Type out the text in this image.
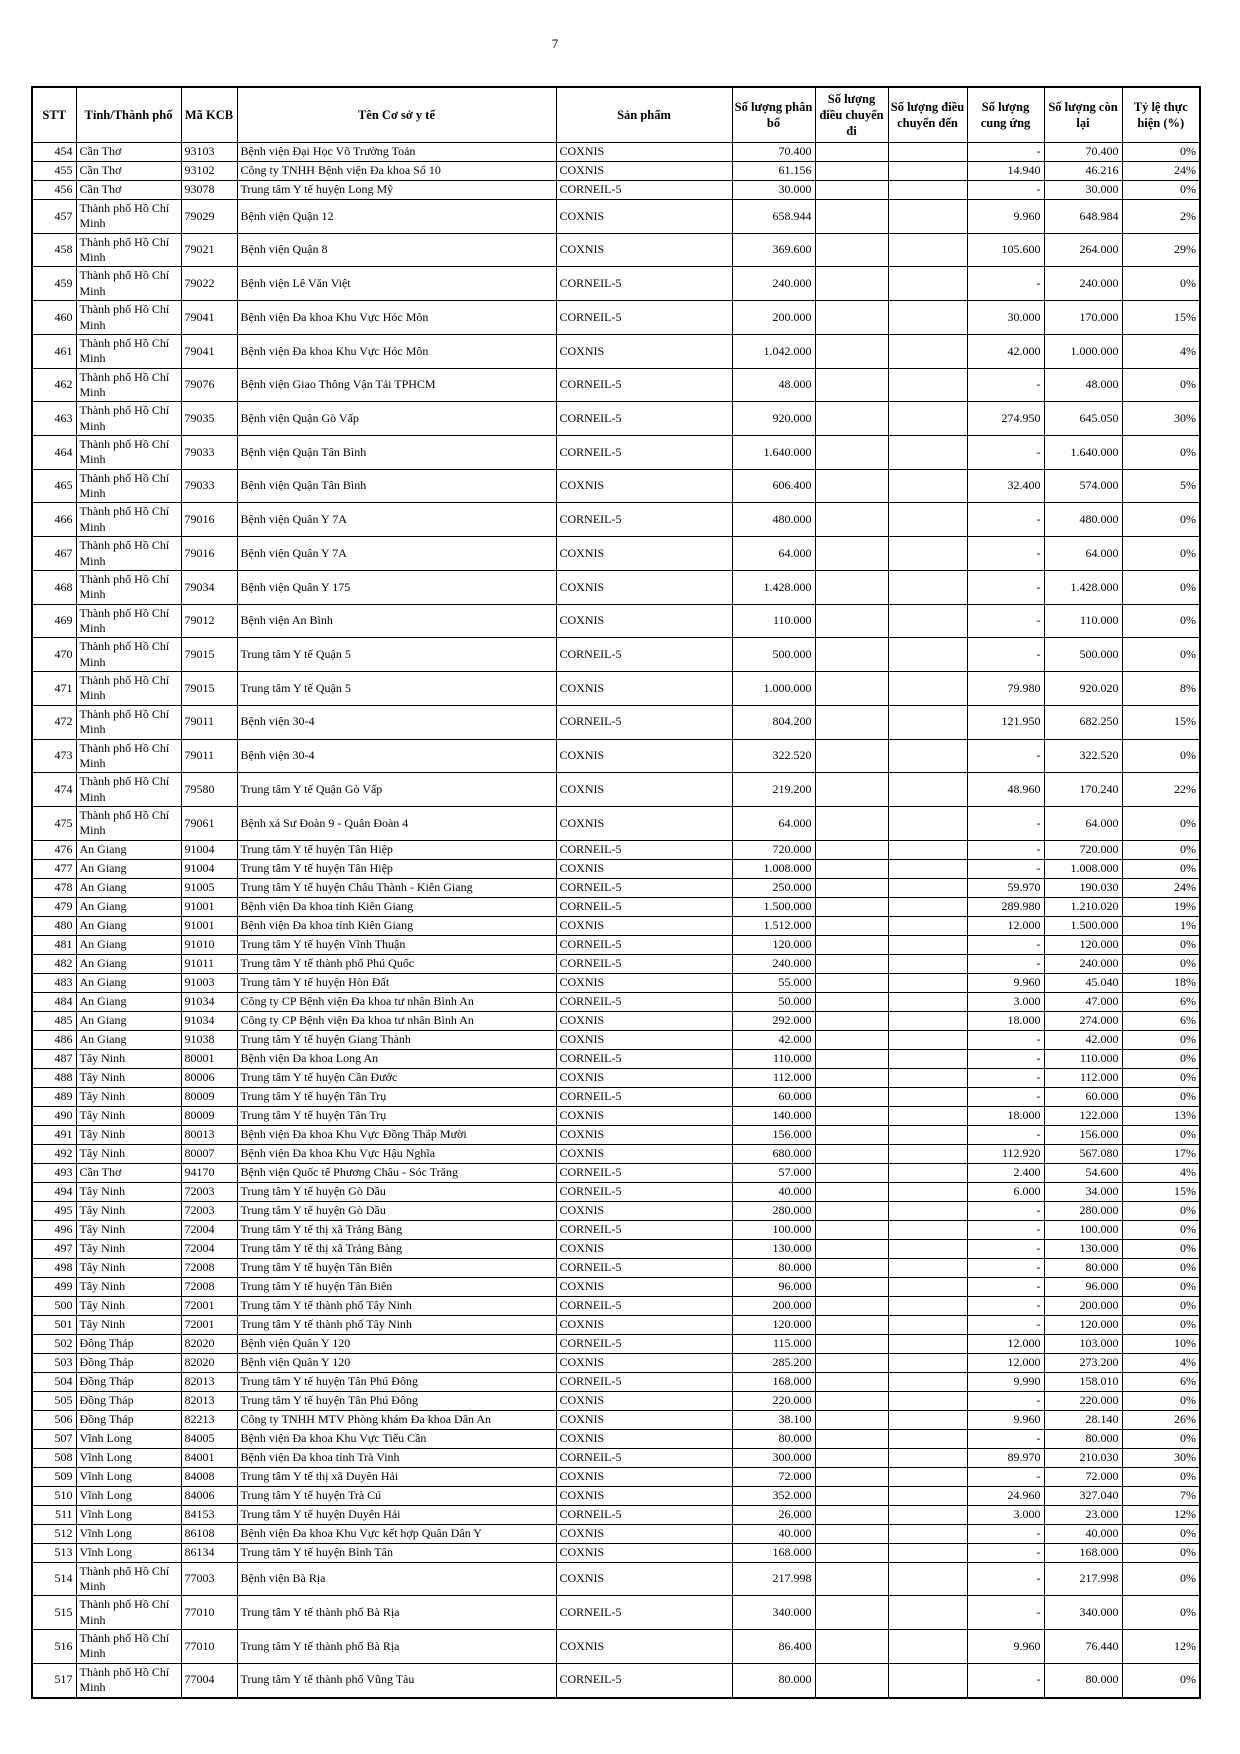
7
STT	Tỉnh/Thành phố	Mã KCB	Tên Cơ sở y tế	Sản phẩm	Số lượng phân bổ	Số lượng điều chuyển đi	Số lượng điều chuyển đến	Số lượng cung ứng	Số lượng còn lại	Tỷ lệ thực hiện (%)
454	Cần Thơ	93103	Bệnh viện Đại Học Võ Trường Toản	COXNIS	70.400			-	70.400	0%
455	Cần Thơ	93102	Công ty TNHH Bệnh viện Đa khoa Số 10	COXNIS	61.156			14.940	46.216	24%
456	Cần Thơ	93078	Trung tâm Y tế huyện Long Mỹ	CORNEIL-5	30.000			-	30.000	0%
457	Thành phố Hồ Chí Minh	79029	Bệnh viện Quận 12	COXNIS	658.944			9.960	648.984	2%
458	Thành phố Hồ Chí Minh	79021	Bệnh viện Quận 8	COXNIS	369.600			105.600	264.000	29%
459	Thành phố Hồ Chí Minh	79022	Bệnh viện Lê Văn Việt	CORNEIL-5	240.000			-	240.000	0%
460	Thành phố Hồ Chí Minh	79041	Bệnh viện Đa khoa Khu Vực Hóc Môn	CORNEIL-5	200.000			30.000	170.000	15%
461	Thành phố Hồ Chí Minh	79041	Bệnh viện Đa khoa Khu Vực Hóc Môn	COXNIS	1.042.000			42.000	1.000.000	4%
462	Thành phố Hồ Chí Minh	79076	Bệnh viện Giao Thông Vận Tải TPHCM	CORNEIL-5	48.000			-	48.000	0%
463	Thành phố Hồ Chí Minh	79035	Bệnh viện Quận Gò Vấp	CORNEIL-5	920.000			274.950	645.050	30%
464	Thành phố Hồ Chí Minh	79033	Bệnh viện Quận Tân Bình	CORNEIL-5	1.640.000			-	1.640.000	0%
465	Thành phố Hồ Chí Minh	79033	Bệnh viện Quận Tân Bình	COXNIS	606.400			32.400	574.000	5%
466	Thành phố Hồ Chí Minh	79016	Bệnh viện Quân Y 7A	CORNEIL-5	480.000			-	480.000	0%
467	Thành phố Hồ Chí Minh	79016	Bệnh viện Quân Y 7A	COXNIS	64.000			-	64.000	0%
468	Thành phố Hồ Chí Minh	79034	Bệnh viện Quân Y 175	COXNIS	1.428.000			-	1.428.000	0%
469	Thành phố Hồ Chí Minh	79012	Bệnh viện An Bình	COXNIS	110.000			-	110.000	0%
470	Thành phố Hồ Chí Minh	79015	Trung tâm Y tế Quận 5	CORNEIL-5	500.000			-	500.000	0%
471	Thành phố Hồ Chí Minh	79015	Trung tâm Y tế Quận 5	COXNIS	1.000.000			79.980	920.020	8%
472	Thành phố Hồ Chí Minh	79011	Bệnh viện 30-4	CORNEIL-5	804.200			121.950	682.250	15%
473	Thành phố Hồ Chí Minh	79011	Bệnh viện 30-4	COXNIS	322.520			-	322.520	0%
474	Thành phố Hồ Chí Minh	79580	Trung tâm Y tế Quận Gò Vấp	COXNIS	219.200			48.960	170.240	22%
475	Thành phố Hồ Chí Minh	79061	Bệnh xá Sư Đoàn 9 - Quân Đoàn 4	COXNIS	64.000			-	64.000	0%
476	An Giang	91004	Trung tâm Y tế huyện Tân Hiệp	CORNEIL-5	720.000			-	720.000	0%
477	An Giang	91004	Trung tâm Y tế huyện Tân Hiệp	COXNIS	1.008.000			-	1.008.000	0%
478	An Giang	91005	Trung tâm Y tế huyện Châu Thành - Kiên Giang	CORNEIL-5	250.000			59.970	190.030	24%
479	An Giang	91001	Bệnh viện Đa khoa tỉnh Kiên Giang	CORNEIL-5	1.500.000			289.980	1.210.020	19%
480	An Giang	91001	Bệnh viện Đa khoa tỉnh Kiên Giang	COXNIS	1.512.000			12.000	1.500.000	1%
481	An Giang	91010	Trung tâm Y tế huyện Vĩnh Thuận	CORNEIL-5	120.000			-	120.000	0%
482	An Giang	91011	Trung tâm Y tế thành phố Phú Quốc	CORNEIL-5	240.000			-	240.000	0%
483	An Giang	91003	Trung tâm Y tế huyện Hòn Đất	COXNIS	55.000			9.960	45.040	18%
484	An Giang	91034	Công ty CP Bệnh viện Đa khoa tư nhân Bình An	CORNEIL-5	50.000			3.000	47.000	6%
485	An Giang	91034	Công ty CP Bệnh viện Đa khoa tư nhân Bình An	COXNIS	292.000			18.000	274.000	6%
486	An Giang	91038	Trung tâm Y tế huyện Giang Thành	COXNIS	42.000			-	42.000	0%
487	Tây Ninh	80001	Bệnh viện Đa khoa Long An	CORNEIL-5	110.000			-	110.000	0%
488	Tây Ninh	80006	Trung tâm Y tế huyện Cần Đước	COXNIS	112.000			-	112.000	0%
489	Tây Ninh	80009	Trung tâm Y tế huyện Tân Trụ	CORNEIL-5	60.000			-	60.000	0%
490	Tây Ninh	80009	Trung tâm Y tế huyện Tân Trụ	COXNIS	140.000			18.000	122.000	13%
491	Tây Ninh	80013	Bệnh viện Đa khoa Khu Vực Đồng Tháp Mười	COXNIS	156.000			-	156.000	0%
492	Tây Ninh	80007	Bệnh viện Đa khoa Khu Vực Hậu Nghĩa	COXNIS	680.000			112.920	567.080	17%
493	Cần Thơ	94170	Bệnh viện Quốc tế Phương Châu - Sóc Trăng	CORNEIL-5	57.000			2.400	54.600	4%
494	Tây Ninh	72003	Trung tâm Y tế huyện Gò Dầu	CORNEIL-5	40.000			6.000	34.000	15%
495	Tây Ninh	72003	Trung tâm Y tế huyện Gò Dầu	COXNIS	280.000			-	280.000	0%
496	Tây Ninh	72004	Trung tâm Y tế thị xã Trảng Bàng	CORNEIL-5	100.000			-	100.000	0%
497	Tây Ninh	72004	Trung tâm Y tế thị xã Trảng Bàng	COXNIS	130.000			-	130.000	0%
498	Tây Ninh	72008	Trung tâm Y tế huyện Tân Biên	CORNEIL-5	80.000			-	80.000	0%
499	Tây Ninh	72008	Trung tâm Y tế huyện Tân Biên	COXNIS	96.000			-	96.000	0%
500	Tây Ninh	72001	Trung tâm Y tế thành phố Tây Ninh	CORNEIL-5	200.000			-	200.000	0%
501	Tây Ninh	72001	Trung tâm Y tế thành phố Tây Ninh	COXNIS	120.000			-	120.000	0%
502	Đồng Tháp	82020	Bệnh viện Quân Y 120	CORNEIL-5	115.000			12.000	103.000	10%
503	Đồng Tháp	82020	Bệnh viện Quân Y 120	COXNIS	285.200			12.000	273.200	4%
504	Đồng Tháp	82013	Trung tâm Y tế huyện Tân Phú Đông	CORNEIL-5	168.000			9.990	158.010	6%
505	Đồng Tháp	82013	Trung tâm Y tế huyện Tân Phú Đông	COXNIS	220.000			-	220.000	0%
506	Đồng Tháp	82213	Công ty TNHH MTV Phòng khám Đa khoa Dân An	COXNIS	38.100			9.960	28.140	26%
507	Vĩnh Long	84005	Bệnh viện Đa khoa Khu Vực Tiểu Cần	COXNIS	80.000			-	80.000	0%
508	Vĩnh Long	84001	Bệnh viện Đa khoa tỉnh Trà Vinh	CORNEIL-5	300.000			89.970	210.030	30%
509	Vĩnh Long	84008	Trung tâm Y tế thị xã Duyên Hải	COXNIS	72.000			-	72.000	0%
510	Vĩnh Long	84006	Trung tâm Y tế huyện Trà Cú	COXNIS	352.000			24.960	327.040	7%
511	Vĩnh Long	84153	Trung tâm Y tế huyện Duyên Hải	CORNEIL-5	26.000			3.000	23.000	12%
512	Vĩnh Long	86108	Bệnh viện Đa khoa Khu Vực kết hợp Quân Dân Y	COXNIS	40.000			-	40.000	0%
513	Vĩnh Long	86134	Trung tâm Y tế huyện Bình Tân	COXNIS	168.000			-	168.000	0%
514	Thành phố Hồ Chí Minh	77003	Bệnh viện Bà Rịa	COXNIS	217.998			-	217.998	0%
515	Thành phố Hồ Chí Minh	77010	Trung tâm Y tế thành phố Bà Rịa	CORNEIL-5	340.000			-	340.000	0%
516	Thành phố Hồ Chí Minh	77010	Trung tâm Y tế thành phố Bà Rịa	COXNIS	86.400			9.960	76.440	12%
517	Thành phố Hồ Chí Minh	77004	Trung tâm Y tế thành phố Vũng Tàu	CORNEIL-5	80.000			-	80.000	0%
